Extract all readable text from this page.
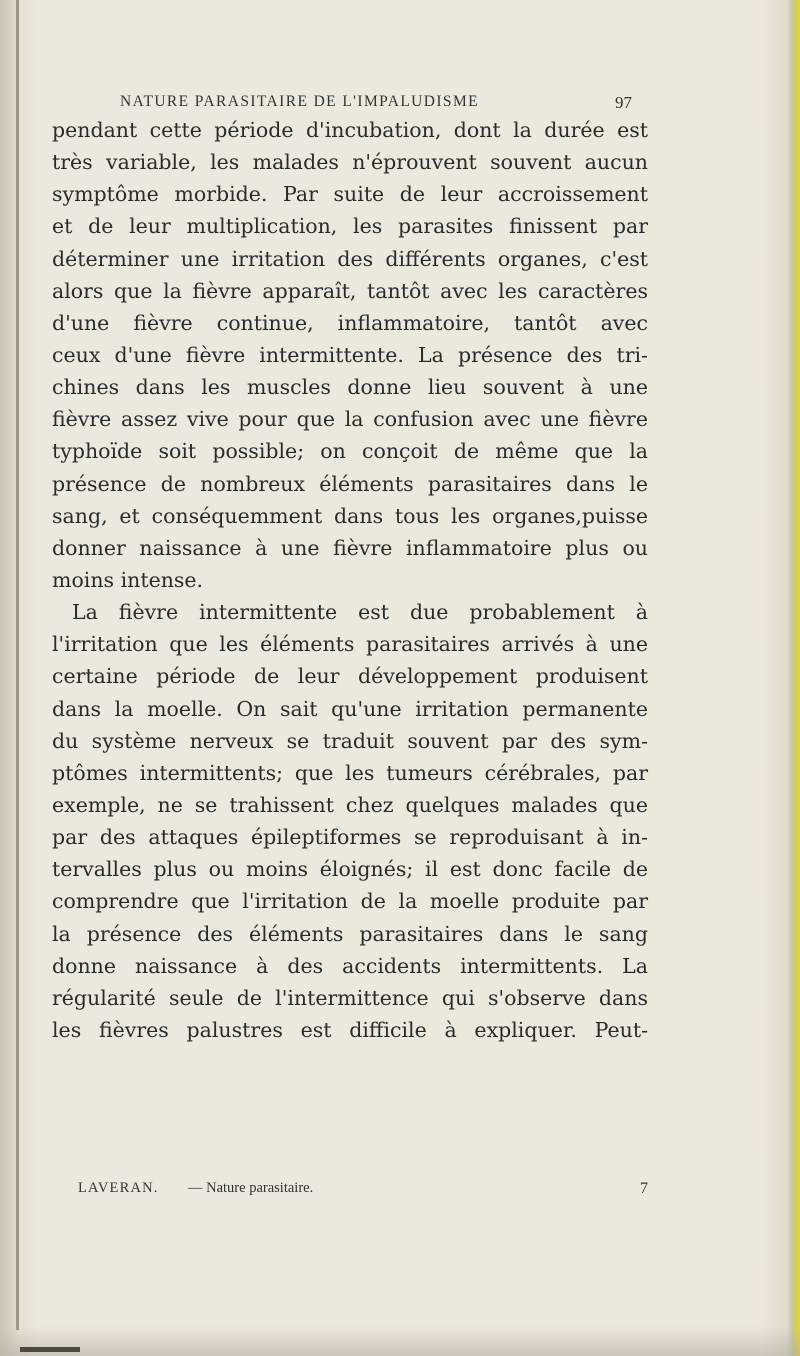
NATURE PARASITAIRE DE L'IMPALUDISME	97
pendant cette période d'incubation, dont la durée est
très variable, les malades n'éprouvent souvent aucun
symptôme morbide. Par suite de leur accroissement
et de leur multiplication, les parasites finissent par
déterminer une irritation des différents organes, c'est
alors que la fièvre apparaît, tantôt avec les caractères
d'une fièvre continue, inflammatoire, tantôt avec
ceux d'une fièvre intermittente. La présence des tri-
chines dans les muscles donne lieu souvent à une
fièvre assez vive pour que la confusion avec une fièvre
typhoïde soit possible; on conçoit de même que la
présence de nombreux éléments parasitaires dans le
sang, et conséquemment dans tous les organes,puisse
donner naissance à une fièvre inflammatoire plus ou
moins intense.
La fièvre intermittente est due probablement à
l'irritation que les éléments parasitaires arrivés à une
certaine période de leur développement produisent
dans la moelle. On sait qu'une irritation permanente
du système nerveux se traduit souvent par des sym-
ptômes intermittents; que les tumeurs cérébrales, par
exemple, ne se trahissent chez quelques malades que
par des attaques épileptiformes se reproduisant à in-
tervalles plus ou moins éloignés; il est donc facile de
comprendre que l'irritation de la moelle produite par
la présence des éléments parasitaires dans le sang
donne naissance à des accidents intermittents. La
régularité seule de l'intermittence qui s'observe dans
les fièvres palustres est difficile à expliquer. Peut-
LAVERAN. — Nature parasitaire.	7
